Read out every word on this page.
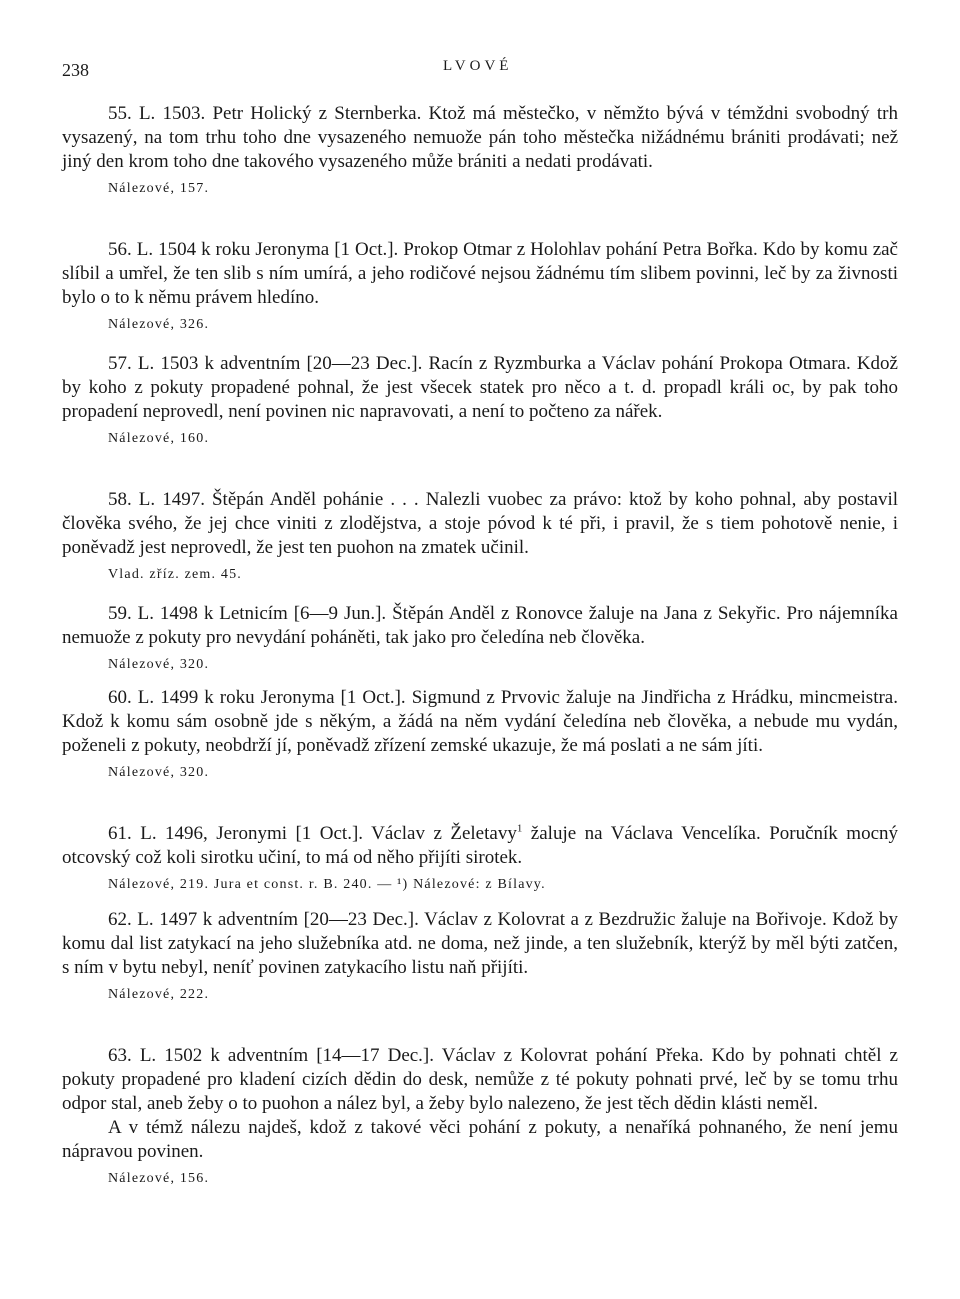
238	LVOVÉ

55. L. 1503. Petr Holický z Sternberka. Ktož má městečko, v němžto bývá v témždni svobodný trh vysazený, na tom trhu toho dne vysazeného nemuože pán toho městečka nižádnému brániti prodávati; než jiný den krom toho dne takového vysazeného může brániti a nedati prodávati.

Nálezové, 157.

56. L. 1504 k roku Jeronyma [1 Oct.]. Prokop Otmar z Holohlav pohání Petra Bořka. Kdo by komu zač slíbil a umřel, že ten slib s ním umírá, a jeho rodičové nejsou žádnému tím slibem povinni, leč by za živnosti bylo o to k němu právem hledíno.

Nálezové, 326.

57. L. 1503 k adventním [20—23 Dec.]. Racín z Ryzmburka a Václav pohání Prokopa Otmara. Kdož by koho z pokuty propadené pohnal, že jest všecek statek pro něco a t. d. propadl králi oc, by pak toho propadení neprovedl, není povinen nic napravovati, a není to počteno za nářek.

Nálezové, 160.

58. L. 1497. Štěpán Anděl pohánie . . . Nalezli vuobec za právo: ktož by koho pohnal, aby postavil člověka svého, že jej chce viniti z zlodějstva, a stoje póvod k té při, i pravil, že s tiem pohotově nenie, i poněvadž jest neprovedl, že jest ten puohon na zmatek učinil.

Vlad. zříz. zem. 45.

59. L. 1498 k Letnicím [6—9 Jun.]. Štěpán Anděl z Ronovce žaluje na Jana z Sekyřic. Pro nájemníka nemuože z pokuty pro nevydání poháněti, tak jako pro čeledína neb člověka.

Nálezové, 320.

60. L. 1499 k roku Jeronyma [1 Oct.]. Sigmund z Prvovic žaluje na Jindřicha z Hrádku, mincmeistra. Kdož k komu sám osobně jde s někým, a žádá na něm vydání čeledína neb člověka, a nebude mu vydán, poženeli z pokuty, neobdrží jí, poněvadž zřízení zemské ukazuje, že má poslati a ne sám jíti.

Nálezové, 320.

61. L. 1496, Jeronymi [1 Oct.]. Václav z Želetavy$^1$ žaluje na Václava Vencelíka. Poručník mocný otcovský což koli sirotku učiní, to má od něho přijíti sirotek.

Nálezové, 219. Jura et const. r. B. 240. — ¹) Nálezové: z Bílavy.

62. L. 1497 k adventním [20—23 Dec.]. Václav z Kolovrat a z Bezdružic žaluje na Bořivoje. Kdož by komu dal list zatykací na jeho služebníka atd. ne doma, než jinde, a ten služebník, kterýž by měl býti zatčen, s ním v bytu nebyl, neníť povinen zatykacího listu naň přijíti.

Nálezové, 222.

63. L. 1502 k adventním [14—17 Dec.]. Václav z Kolovrat pohání Překa. Kdo by pohnati chtěl z pokuty propadené pro kladení cizích dědin do desk, nemůže z té pokuty pohnati prvé, leč by se tomu trhu odpor stal, aneb žeby o to puohon a nález byl, a žeby bylo nalezeno, že jest těch dědin klásti neměl.

A v témž nálezu najdeš, kdož z takové věci pohání z pokuty, a nenaříká pohnaného, že není jemu nápravou povinen.

Nálezové, 156.
